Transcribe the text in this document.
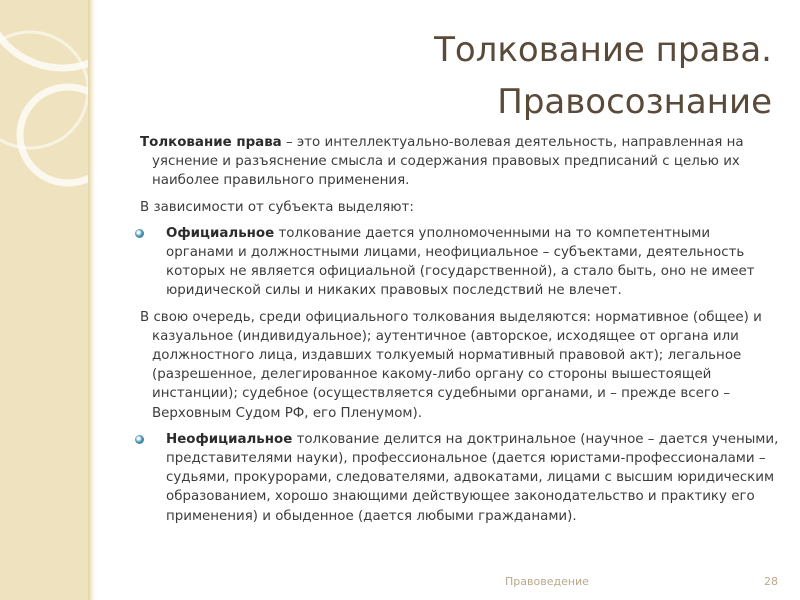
Толкование права.
Правосознание

Толкование права – это интеллектуально-волевая деятельность, направленная на уяснение и разъяснение смысла и содержания правовых предписаний с целью их наиболее правильного применения.

В зависимости от субъекта выделяют:

Официальное толкование дается уполномоченными на то компетентными органами и должностными лицами, неофициальное – субъектами, деятельность которых не является официальной (государственной), а стало быть, оно не имеет юридической силы и никаких правовых последствий не влечет.

В свою очередь, среди официального толкования выделяются: нормативное (общее) и казуальное (индивидуальное); аутентичное (авторское, исходящее от органа или должностного лица, издавших толкуемый нормативный правовой акт); легальное (разрешенное, делегированное какому-либо органу со стороны вышестоящей инстанции); судебное (осуществляется судебными органами, и – прежде всего – Верховным Судом РФ, его Пленумом).

Неофициальное толкование делится на доктринальное (научное – дается учеными, представителями науки), профессиональное (дается юристами-профессионалами – судьями, прокурорами, следователями, адвокатами, лицами с высшим юридическим образованием, хорошо знающими действующее законодательство и практику его применения) и обыденное (дается любыми гражданами).
Правоведение	28
